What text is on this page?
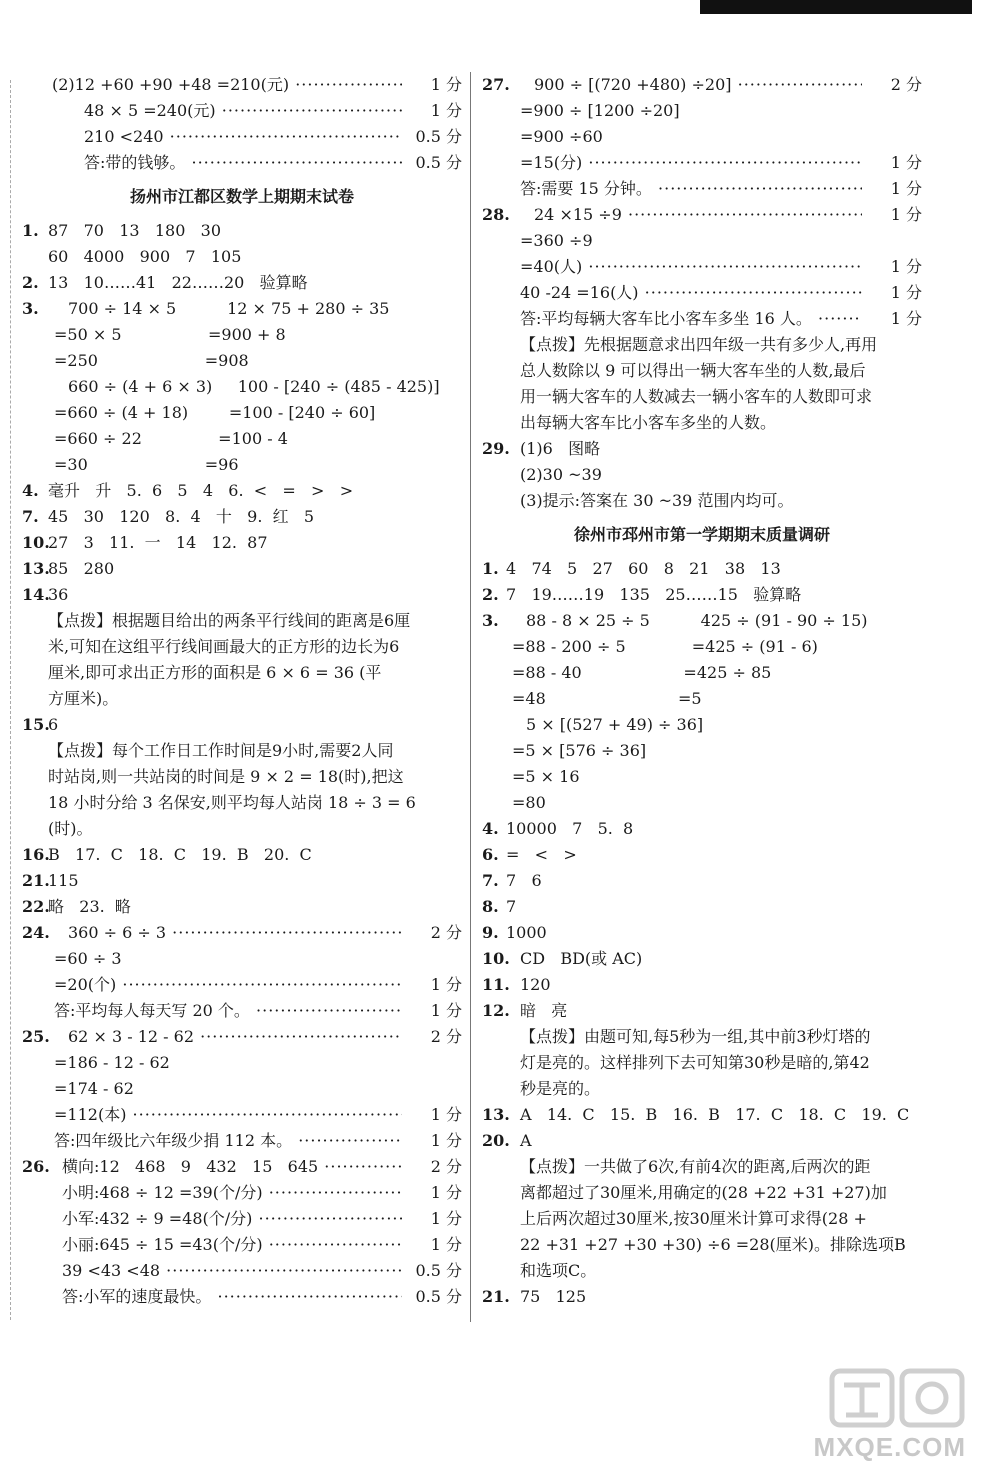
(2)12 +60 +90 +48 =210(元) ·····	1 分
48 × 5 =240(元) ·····	1 分
210 <240 ·····	0.5 分
答:带的钱够。 ·····	0.5 分
扬州市江都区数学上期期末试卷
1. 87   70   13   180   30
60   4000   900   7   105
2. 13   10……41   22……20   验算略
3. 700 ÷ 14 × 5          12 × 75 + 280 ÷ 35
=50 × 5                 =900 + 8
=250                     =908
660 ÷ (4 + 6 × 3)     100 - [240 ÷ (485 - 425)]
=660 ÷ (4 + 18)        =100 - [240 ÷ 60]
=660 ÷ 22               =100 - 4
=30                       =96
4. 毫升   升   5.  6   5   4   6.  <   =   >   >
7. 45   30   120   8.  4   十   9.  红   5
10.
27   3   11.  一   14   12.  87
13.
85   280
14.
36
【点拨】根据题目给出的两条平行线间的距离是6厘
米,可知在这组平行线间画最大的正方形的边长为6
厘米,即可求出正方形的面积是 6 × 6 = 36 (平
方厘米)。
15.
6
【点拨】每个工作日工作时间是9小时,需要2人同
时站岗,则一共站岗的时间是 9 × 2 = 18(时),把这
18 小时分给 3 名保安,则平均每人站岗 18 ÷ 3 = 6
(时)。
16.
B   17.  C   18.  C   19.  B   20.  C
21.
115
22.
略   23.  略
24. 360 ÷ 6 ÷ 3 ·····	2 分
=60 ÷ 3
=20(个) ·····	1 分
答:平均每人每天写 20 个。 ·····	1 分
25. 62 × 3 - 12 - 62 ·····	2 分
=186 - 12 - 62
=174 - 62
=112(本) ·····	1 分
答:四年级比六年级少捐 112 本。 ·····	1 分
26. 横向:12   468   9   432   15   645 ·····	2 分
小明:468 ÷ 12 =39(个/分) ·····	1 分
小军:432 ÷ 9 =48(个/分) ·····	1 分
小丽:645 ÷ 15 =43(个/分) ·····	1 分
39 <43 <48 ·····	0.5 分
答:小军的速度最快。 ·····	0.5 分
27. 900 ÷ [(720 +480) ÷20] ·····	2 分
=900 ÷ [1200 ÷20]
=900 ÷60
=15(分) ·····	1 分
答:需要 15 分钟。 ·····	1 分
28. 24 ×15 ÷9 ·····	1 分
=360 ÷9
=40(人) ·····	1 分
40 -24 =16(人) ·····	1 分
答:平均每辆大客车比小客车多坐 16 人。 ·····	1 分
【点拨】先根据题意求出四年级一共有多少人,再用
总人数除以 9 可以得出一辆大客车坐的人数,最后
用一辆大客车的人数减去一辆小客车的人数即可求
出每辆大客车比小客车多坐的人数。
29. (1)6   图略
(2)30 ~39
(3)提示:答案在 30 ~39 范围内均可。
徐州市邳州市第一学期期末质量调研
1. 4   74   5   27   60   8   21   38   13
2. 7   19……19   135   25……15   验算略
3. 88 - 8 × 25 ÷ 5          425 ÷ (91 - 90 ÷ 15)
=88 - 200 ÷ 5             =425 ÷ (91 - 6)
=88 - 40                    =425 ÷ 85
=48                          =5
5 × [(527 + 49) ÷ 36]
=5 × [576 ÷ 36]
=5 × 16
=80
4. 10000   7   5.  8
6. =   <   >
7. 7   6
8. 7
9. 1000
10. CD   BD(或 AC)
11. 120
12. 暗   亮
【点拨】由题可知,每5秒为一组,其中前3秒灯塔的
灯是亮的。这样排列下去可知第30秒是暗的,第42
秒是亮的。
13. A   14.  C   15.  B   16.  B   17.  C   18.  C   19.  C
20. A
【点拨】一共做了6次,有前4次的距离,后两次的距
离都超过了30厘米,用确定的(28 +22 +31 +27)加
上后两次超过30厘米,按30厘米计算可求得(28 +
22 +31 +27 +30 +30) ÷6 =28(厘米)。排除选项B
和选项C。
21. 75   125
MXQE.COM
